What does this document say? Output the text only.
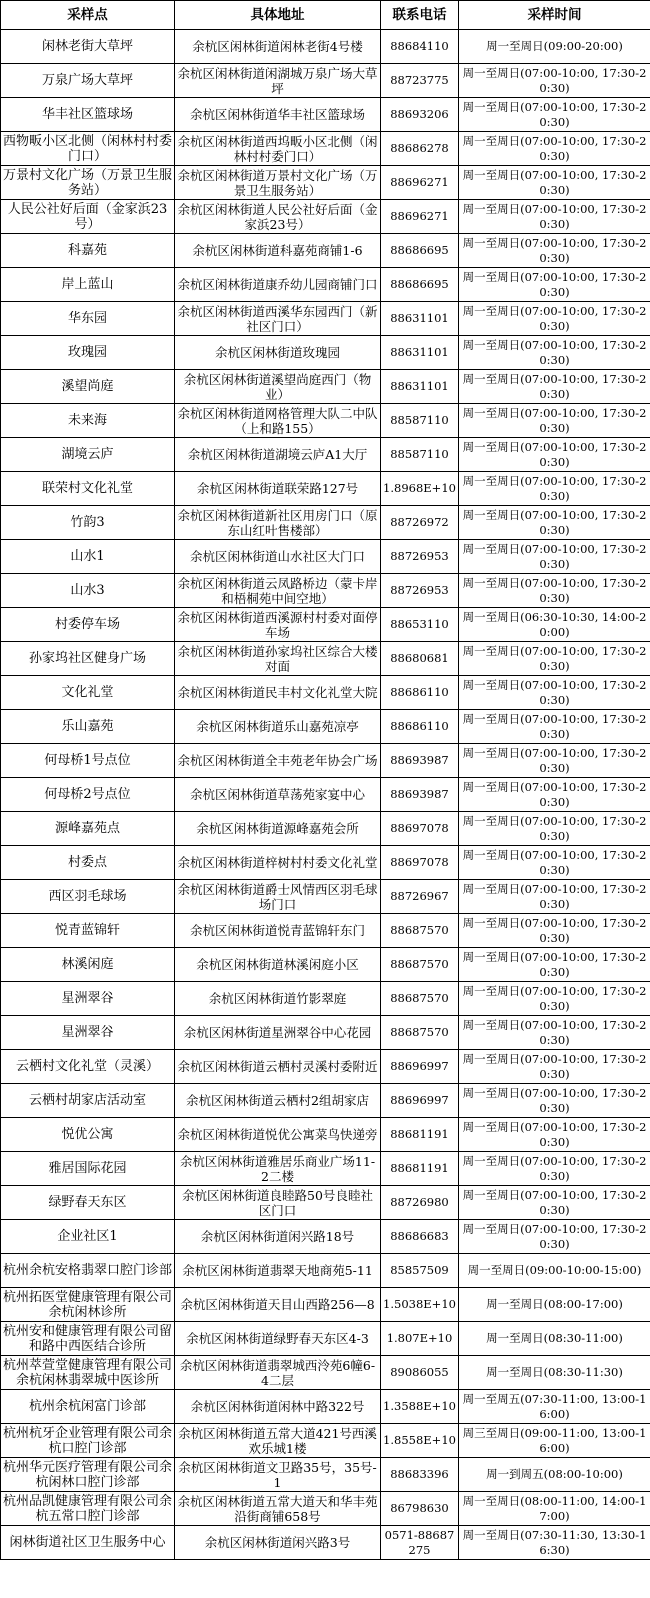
采样点	具体地址	联系电话	采样时间
闲林老街大草坪	余杭区闲林街道闲林老街4号楼	88684110	周一至周日(09:00-20:00)
万泉广场大草坪	余杭区闲林街道闲湖城万泉广场大草坪	88723775	周一至周日(07:00-10:00, 17:30-20:30)
华丰社区篮球场	余杭区闲林街道华丰社区篮球场	88693206	周一至周日(07:00-10:00, 17:30-20:30)
西物畈小区北侧（闲林村村委门口）	余杭区闲林街道西坞畈小区北侧（闲林村村委门口）	88686278	周一至周日(07:00-10:00, 17:30-20:30)
万景村文化广场（万景卫生服务站）	余杭区闲林街道万景村文化广场（万景卫生服务站）	88696271	周一至周日(07:00-10:00, 17:30-20:30)
人民公社好后面（金家浜23号）	余杭区闲林街道人民公社好后面（金家浜23号）	88696271	周一至周日(07:00-10:00, 17:30-20:30)
科嘉苑	余杭区闲林街道科嘉苑商铺1-6	88686695	周一至周日(07:00-10:00, 17:30-20:30)
岸上蓝山	余杭区闲林街道康乔幼儿园商铺门口	88686695	周一至周日(07:00-10:00, 17:30-20:30)
华东园	余杭区闲林街道西溪华东园西门（新社区门口）	88631101	周一至周日(07:00-10:00, 17:30-20:30)
玫瑰园	余杭区闲林街道玫瑰园	88631101	周一至周日(07:00-10:00, 17:30-20:30)
溪望尚庭	余杭区闲林街道溪望尚庭西门（物业）	88631101	周一至周日(07:00-10:00, 17:30-20:30)
未来海	余杭区闲林街道网格管理大队二中队（上和路155）	88587110	周一至周日(07:00-10:00, 17:30-20:30)
湖境云庐	余杭区闲林街道湖境云庐A1大厅	88587110	周一至周日(07:00-10:00, 17:30-20:30)
联荣村文化礼堂	余杭区闲林街道联荣路127号	1.8968E+10	周一至周日(07:00-10:00, 17:30-20:30)
竹韵3	余杭区闲林街道新社区用房门口（原东山红叶售楼部）	88726972	周一至周日(07:00-10:00, 17:30-20:30)
山水1	余杭区闲林街道山水社区大门口	88726953	周一至周日(07:00-10:00, 17:30-20:30)
山水3	余杭区闲林街道云凤路桥边（蒙卡岸和梧桐苑中间空地）	88726953	周一至周日(07:00-10:00, 17:30-20:30)
村委停车场	余杭区闲林街道西溪源村村委对面停车场	88653110	周一至周日(06:30-10:30, 14:00-20:00)
孙家坞社区健身广场	余杭区闲林街道孙家坞社区综合大楼对面	88680681	周一至周日(07:00-10:00, 17:30-20:30)
文化礼堂	余杭区闲林街道民丰村文化礼堂大院	88686110	周一至周日(07:00-10:00, 17:30-20:30)
乐山嘉苑	余杭区闲林街道乐山嘉苑凉亭	88686110	周一至周日(07:00-10:00, 17:30-20:30)
何母桥1号点位	余杭区闲林街道全丰苑老年协会广场	88693987	周一至周日(07:00-10:00, 17:30-20:30)
何母桥2号点位	余杭区闲林街道草荡苑家宴中心	88693987	周一至周日(07:00-10:00, 17:30-20:30)
源峰嘉苑点	余杭区闲林街道源峰嘉苑会所	88697078	周一至周日(07:00-10:00, 17:30-20:30)
村委点	余杭区闲林街道梓树村村委文化礼堂	88697078	周一至周日(07:00-10:00, 17:30-20:30)
西区羽毛球场	余杭区闲林街道爵士风情西区羽毛球场门口	88726967	周一至周日(07:00-10:00, 17:30-20:30)
悦青蓝锦轩	余杭区闲林街道悦青蓝锦轩东门	88687570	周一至周日(07:00-10:00, 17:30-20:30)
林溪闲庭	余杭区闲林街道林溪闲庭小区	88687570	周一至周日(07:00-10:00, 17:30-20:30)
星洲翠谷	余杭区闲林街道竹影翠庭	88687570	周一至周日(07:00-10:00, 17:30-20:30)
星洲翠谷	余杭区闲林街道星洲翠谷中心花园	88687570	周一至周日(07:00-10:00, 17:30-20:30)
云栖村文化礼堂（灵溪）	余杭区闲林街道云栖村灵溪村委附近	88696997	周一至周日(07:00-10:00, 17:30-20:30)
云栖村胡家店活动室	余杭区闲林街道云栖村2组胡家店	88696997	周一至周日(07:00-10:00, 17:30-20:30)
悦优公寓	余杭区闲林街道悦优公寓菜鸟快递旁	88681191	周一至周日(07:00-10:00, 17:30-20:30)
雅居国际花园	余杭区闲林街道雅居乐商业广场11-2二楼	88681191	周一至周日(07:00-10:00, 17:30-20:30)
绿野春天东区	余杭区闲林街道良睦路50号良睦社区门口	88726980	周一至周日(07:00-10:00, 17:30-20:30)
企业社区1	余杭区闲林街道闲兴路18号	88686683	周一至周日(07:00-10:00, 17:30-20:30)
杭州余杭安格翡翠口腔门诊部	余杭区闲林街道翡翠天地商苑5-11	85857509	周一至周日(09:00-10:00-15:00)
杭州拓医堂健康管理有限公司余杭闲林诊所	余杭区闲林街道天目山西路256—8	1.5038E+10	周一至周日(08:00-17:00)
杭州安和健康管理有限公司留和路中西医结合诊所	余杭区闲林街道绿野春天东区4-3	1.807E+10	周一至周日(08:30-11:00)
杭州萃萱堂健康管理有限公司余杭闲林翡翠城中医诊所	余杭区闲林街道翡翠城西泠苑6幢6-4二层	89086055	周一至周日(08:30-11:30)
杭州余杭闲富门诊部	余杭区闲林街道闲林中路322号	1.3588E+10	周一至周五(07:30-11:00, 13:00-16:00)
杭州杭牙企业管理有限公司余杭口腔门诊部	余杭区闲林街道五常大道421号西溪欢乐城1楼	1.8558E+10	周三至周日(09:00-11:00, 13:00-16:00)
杭州华元医疗管理有限公司余杭闲林口腔门诊部	余杭区闲林街道文卫路35号，35号-1	88683396	周一到周五(08:00-10:00)
杭州品凯健康管理有限公司余杭五常口腔门诊部	余杭区闲林街道五常大道天和华丰苑沿街商铺658号	86798630	周一至周日(08:00-11:00, 14:00-17:00)
闲林街道社区卫生服务中心	余杭区闲林街道闲兴路3号	0571-88687275	周一至周日(07:30-11:30, 13:30-16:30)
